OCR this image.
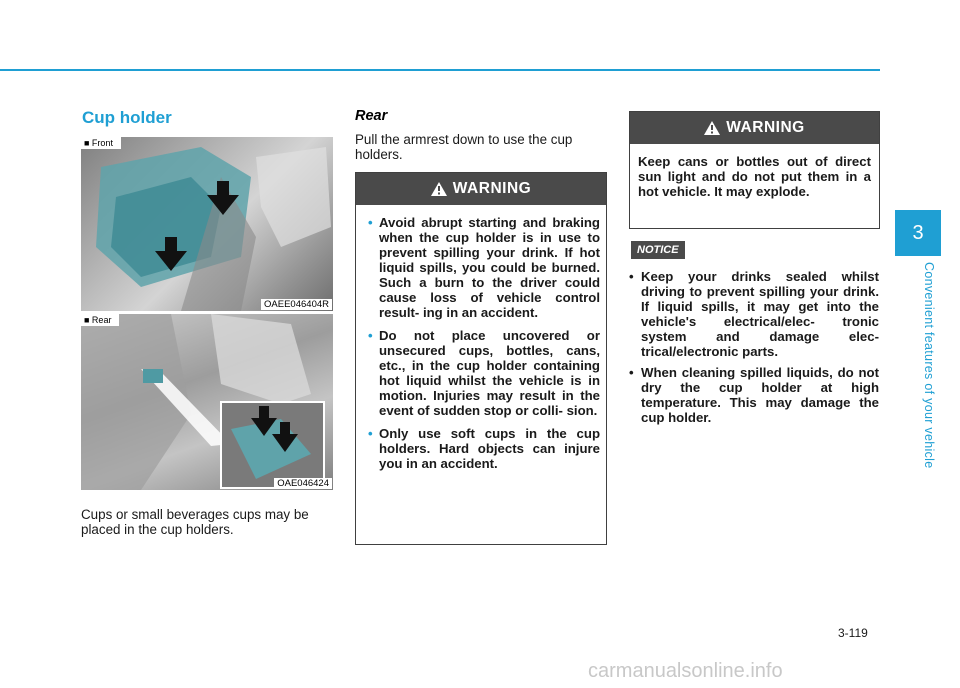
Cup holder
■ Front
OAEE046404R
■ Rear
OAE046424

Cups or small beverages cups may be placed in the cup holders.

Rear

Pull the armrest down to use the cup holders.

WARNING
• Avoid abrupt starting and braking when the cup holder is in use to prevent spilling your drink. If hot liquid spills, you could be burned. Such a burn to the driver could cause loss of vehicle control result- ing in an accident.
• Do not place uncovered or unsecured cups, bottles, cans, etc., in the cup holder containing hot liquid whilst the vehicle is in motion. Injuries may result in the event of sudden stop or colli- sion.
• Only use soft cups in the cup holders. Hard objects can injure you in an accident.
WARNING
Keep cans or bottles out of direct sun light and do not put them in a hot vehicle. It may explode.
NOTICE
• Keep your drinks sealed whilst driving to prevent spilling your drink. If liquid spills, it may get into the vehicle's electrical/elec- tronic system and damage elec- trical/electronic parts.
• When cleaning spilled liquids, do not dry the cup holder at high temperature. This may damage the cup holder.
3
Convenient features of your vehicle
3-119
carmanualsonline.info
